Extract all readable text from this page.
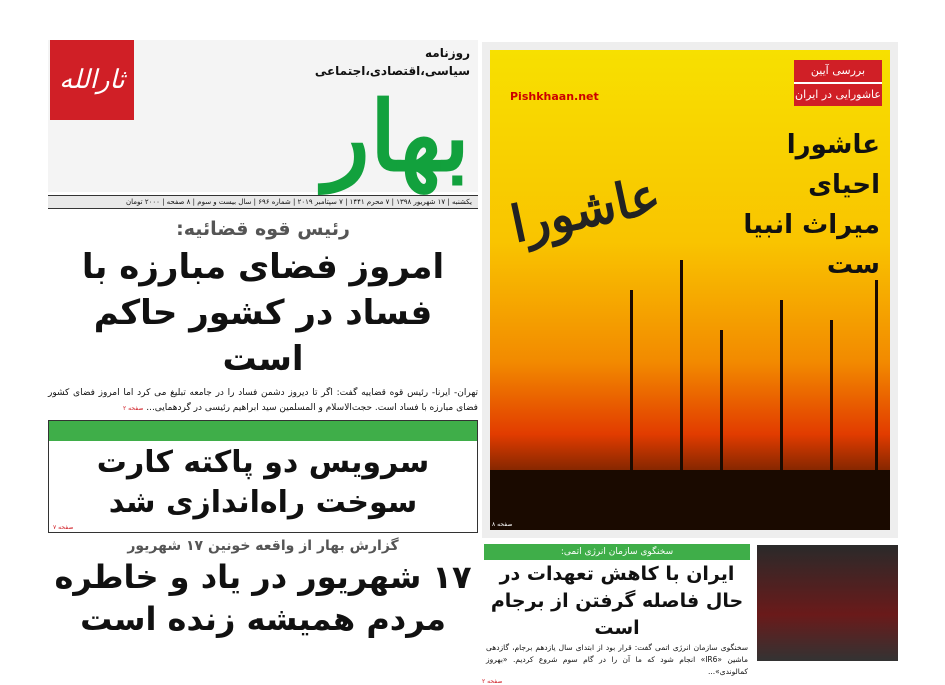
ثارالله
روزنامه
سیاسی،اقتصادی،اجتماعی
بهار
یکشنبه | ۱۷ شهریور ۱۳۹۸ | ۷ محرم ۱۴۴۱ | ۷ سپتامبر ۲۰۱۹ | شماره ۶۹۶ | سال بیست و سوم | ۸ صفحه | ۲۰۰۰ تومان
رئیس قوه قضائیه:
امروز فضای مبارزه با فساد در کشور حاکم است
تهران- ایرنا- رئیس قوه قضاییه گفت: اگر تا دیروز دشمن فساد را در جامعه تبلیغ می کرد اما امروز فضای کشور فضای مبارزه با فساد است. حجت‌الاسلام و المسلمین سید ابراهیم رئیسی در گردهمایی... صفحه ۲
سرویس دو پاکته کارت سوخت راه‌اندازی شد
صفحه ۷
گزارش بهار از واقعه خونین ۱۷ شهریور
۱۷ شهریور در یاد و خاطره مردم همیشه زنده است
Pishkhaan.net
عاشورا
بررسی آیین
عاشورایی در ایران
عاشورا احیای میراث انبیا ست
صفحه ۸
سخنگوی سازمان انرژی اتمی:
ایران با کاهش تعهدات در حال فاصله گرفتن از برجام است
سخنگوی سازمان انرژی اتمی گفت: قرار بود از ابتدای سال یازدهم برجام، گازدهی ماشین «IR6» انجام شود که ما آن را در گام سوم شروع کردیم. «بهروز کمالوندی»...
صفحه ۲
